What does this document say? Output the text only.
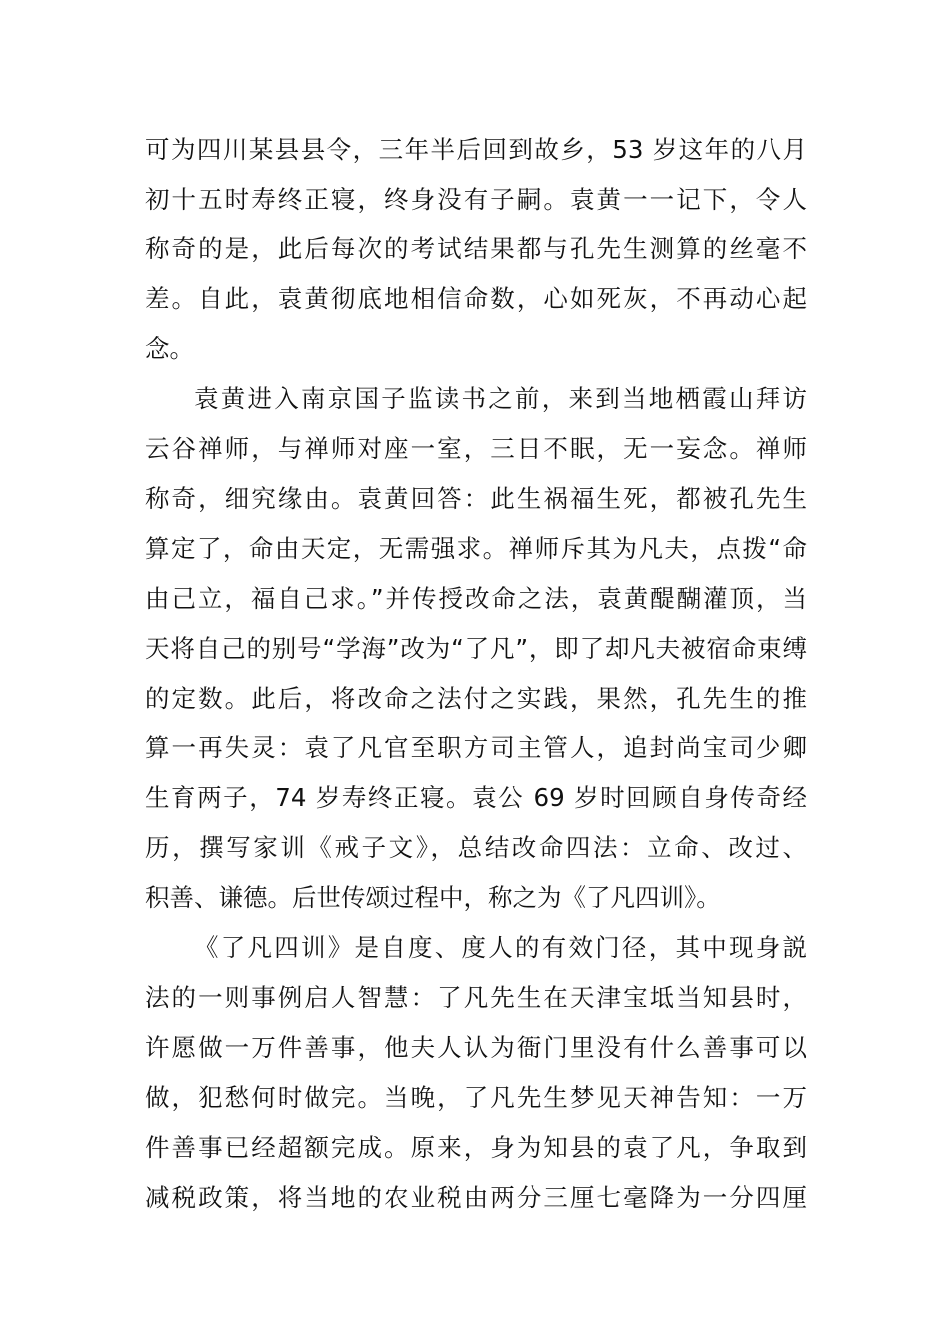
可为四川某县县令，三年半后回到故乡，53 岁这年的八月
初十五时寿终正寝，终身没有子嗣。袁黄一一记下，令人
称奇的是，此后每次的考试结果都与孔先生测算的丝毫不
差。自此，袁黄彻底地相信命数，心如死灰，不再动心起
念。
袁黄进入南京国子监读书之前，来到当地栖霞山拜访
云谷禅师，与禅师对座一室，三日不眠，无一妄念。禅师
称奇，细究缘由。袁黄回答：此生祸福生死，都被孔先生
算定了，命由天定，无需强求。禅师斥其为凡夫，点拨“命
由己立，福自己求。”并传授改命之法，袁黄醍醐灌顶，当
天将自己的别号“学海”改为“了凡”，即了却凡夫被宿命束缚
的定数。此后，将改命之法付之实践，果然，孔先生的推
算一再失灵：袁了凡官至职方司主管人，追封尚宝司少卿
生育两子，74 岁寿终正寝。袁公 69 岁时回顾自身传奇经
历，撰写家训《戒子文》，总结改命四法：立命、改过、
积善、谦德。后世传颂过程中，称之为《了凡四训》。
《了凡四训》是自度、度人的有效门径，其中现身説
法的一则事例启人智慧：了凡先生在天津宝坻当知县时，
许愿做一万件善事，他夫人认为衙门里没有什么善事可以
做，犯愁何时做完。当晚，了凡先生梦见天神告知：一万
件善事已经超额完成。原来，身为知县的袁了凡，争取到
减税政策，将当地的农业税由两分三厘七毫降为一分四厘
